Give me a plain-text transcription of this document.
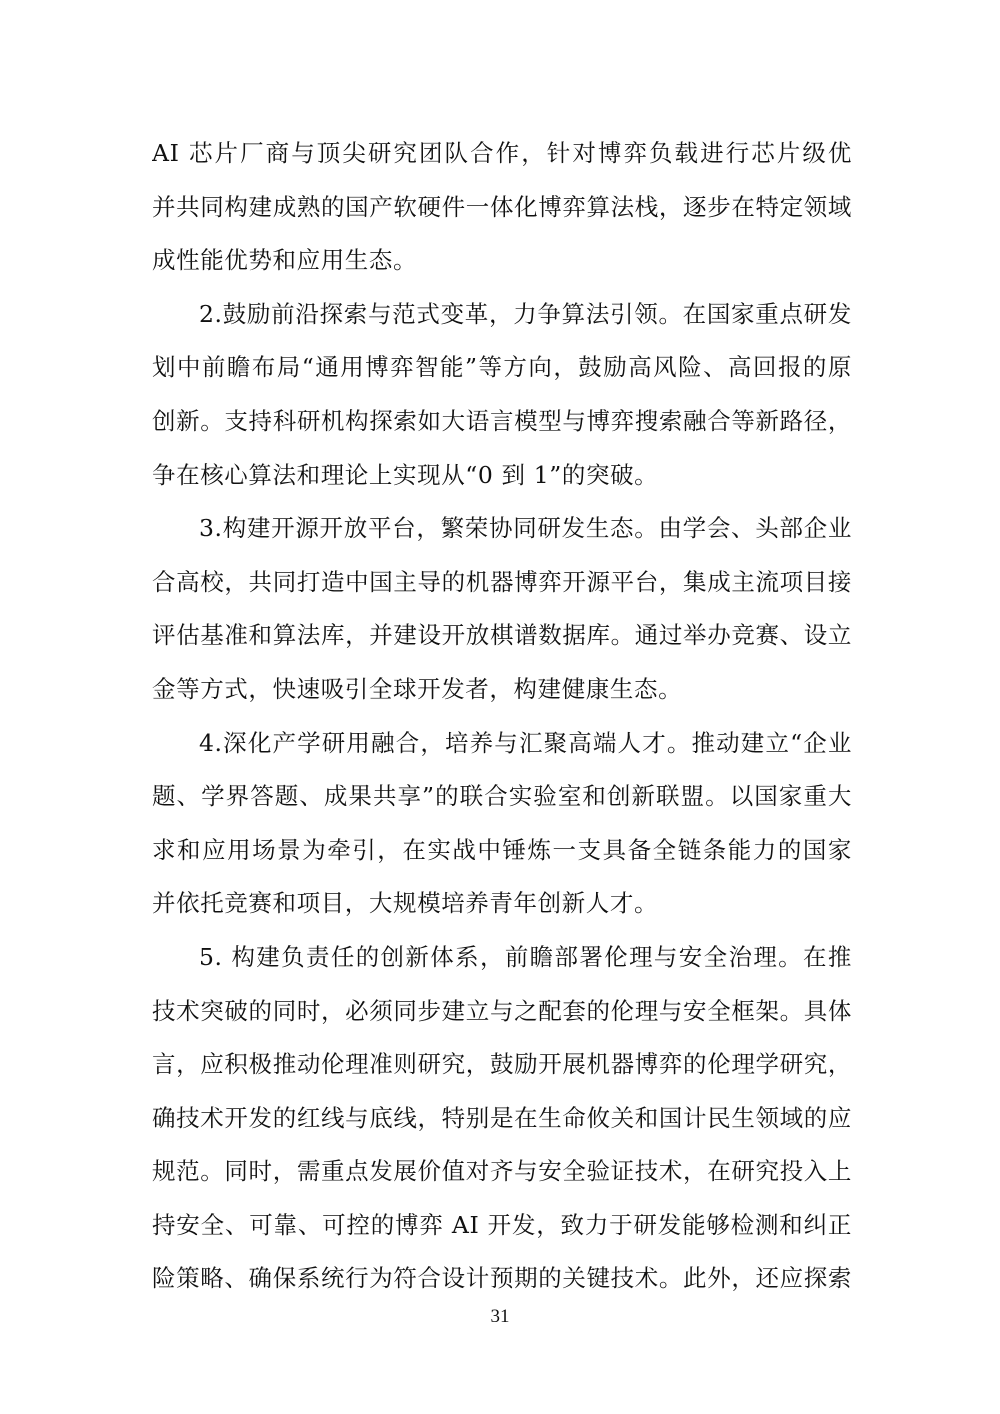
AI 芯片厂商与顶尖研究团队合作，针对博弈负载进行芯片级优
并共同构建成熟的国产软硬件一体化博弈算法栈，逐步在特定领域
成性能优势和应用生态。
2.鼓励前沿探索与范式变革，力争算法引领。在国家重点研发
划中前瞻布局“通用博弈智能”等方向，鼓励高风险、高回报的原
创新。支持科研机构探索如大语言模型与博弈搜索融合等新路径，
争在核心算法和理论上实现从“0 到 1”的突破。
3.构建开源开放平台，繁荣协同研发生态。由学会、头部企业
合高校，共同打造中国主导的机器博弈开源平台，集成主流项目接
评估基准和算法库，并建设开放棋谱数据库。通过举办竞赛、设立
金等方式，快速吸引全球开发者，构建健康生态。
4.深化产学研用融合，培养与汇聚高端人才。推动建立“企业
题、学界答题、成果共享”的联合实验室和创新联盟。以国家重大
求和应用场景为牵引，在实战中锤炼一支具备全链条能力的国家
并依托竞赛和项目，大规模培养青年创新人才。
5. 构建负责任的创新体系，前瞻部署伦理与安全治理。在推
技术突破的同时，必须同步建立与之配套的伦理与安全框架。具体
言，应积极推动伦理准则研究，鼓励开展机器博弈的伦理学研究，
确技术开发的红线与底线，特别是在生命攸关和国计民生领域的应
规范。同时，需重点发展价值对齐与安全验证技术，在研究投入上
持安全、可靠、可控的博弈 AI 开发，致力于研发能够检测和纠正
险策略、确保系统行为符合设计预期的关键技术。此外，还应探索
31
